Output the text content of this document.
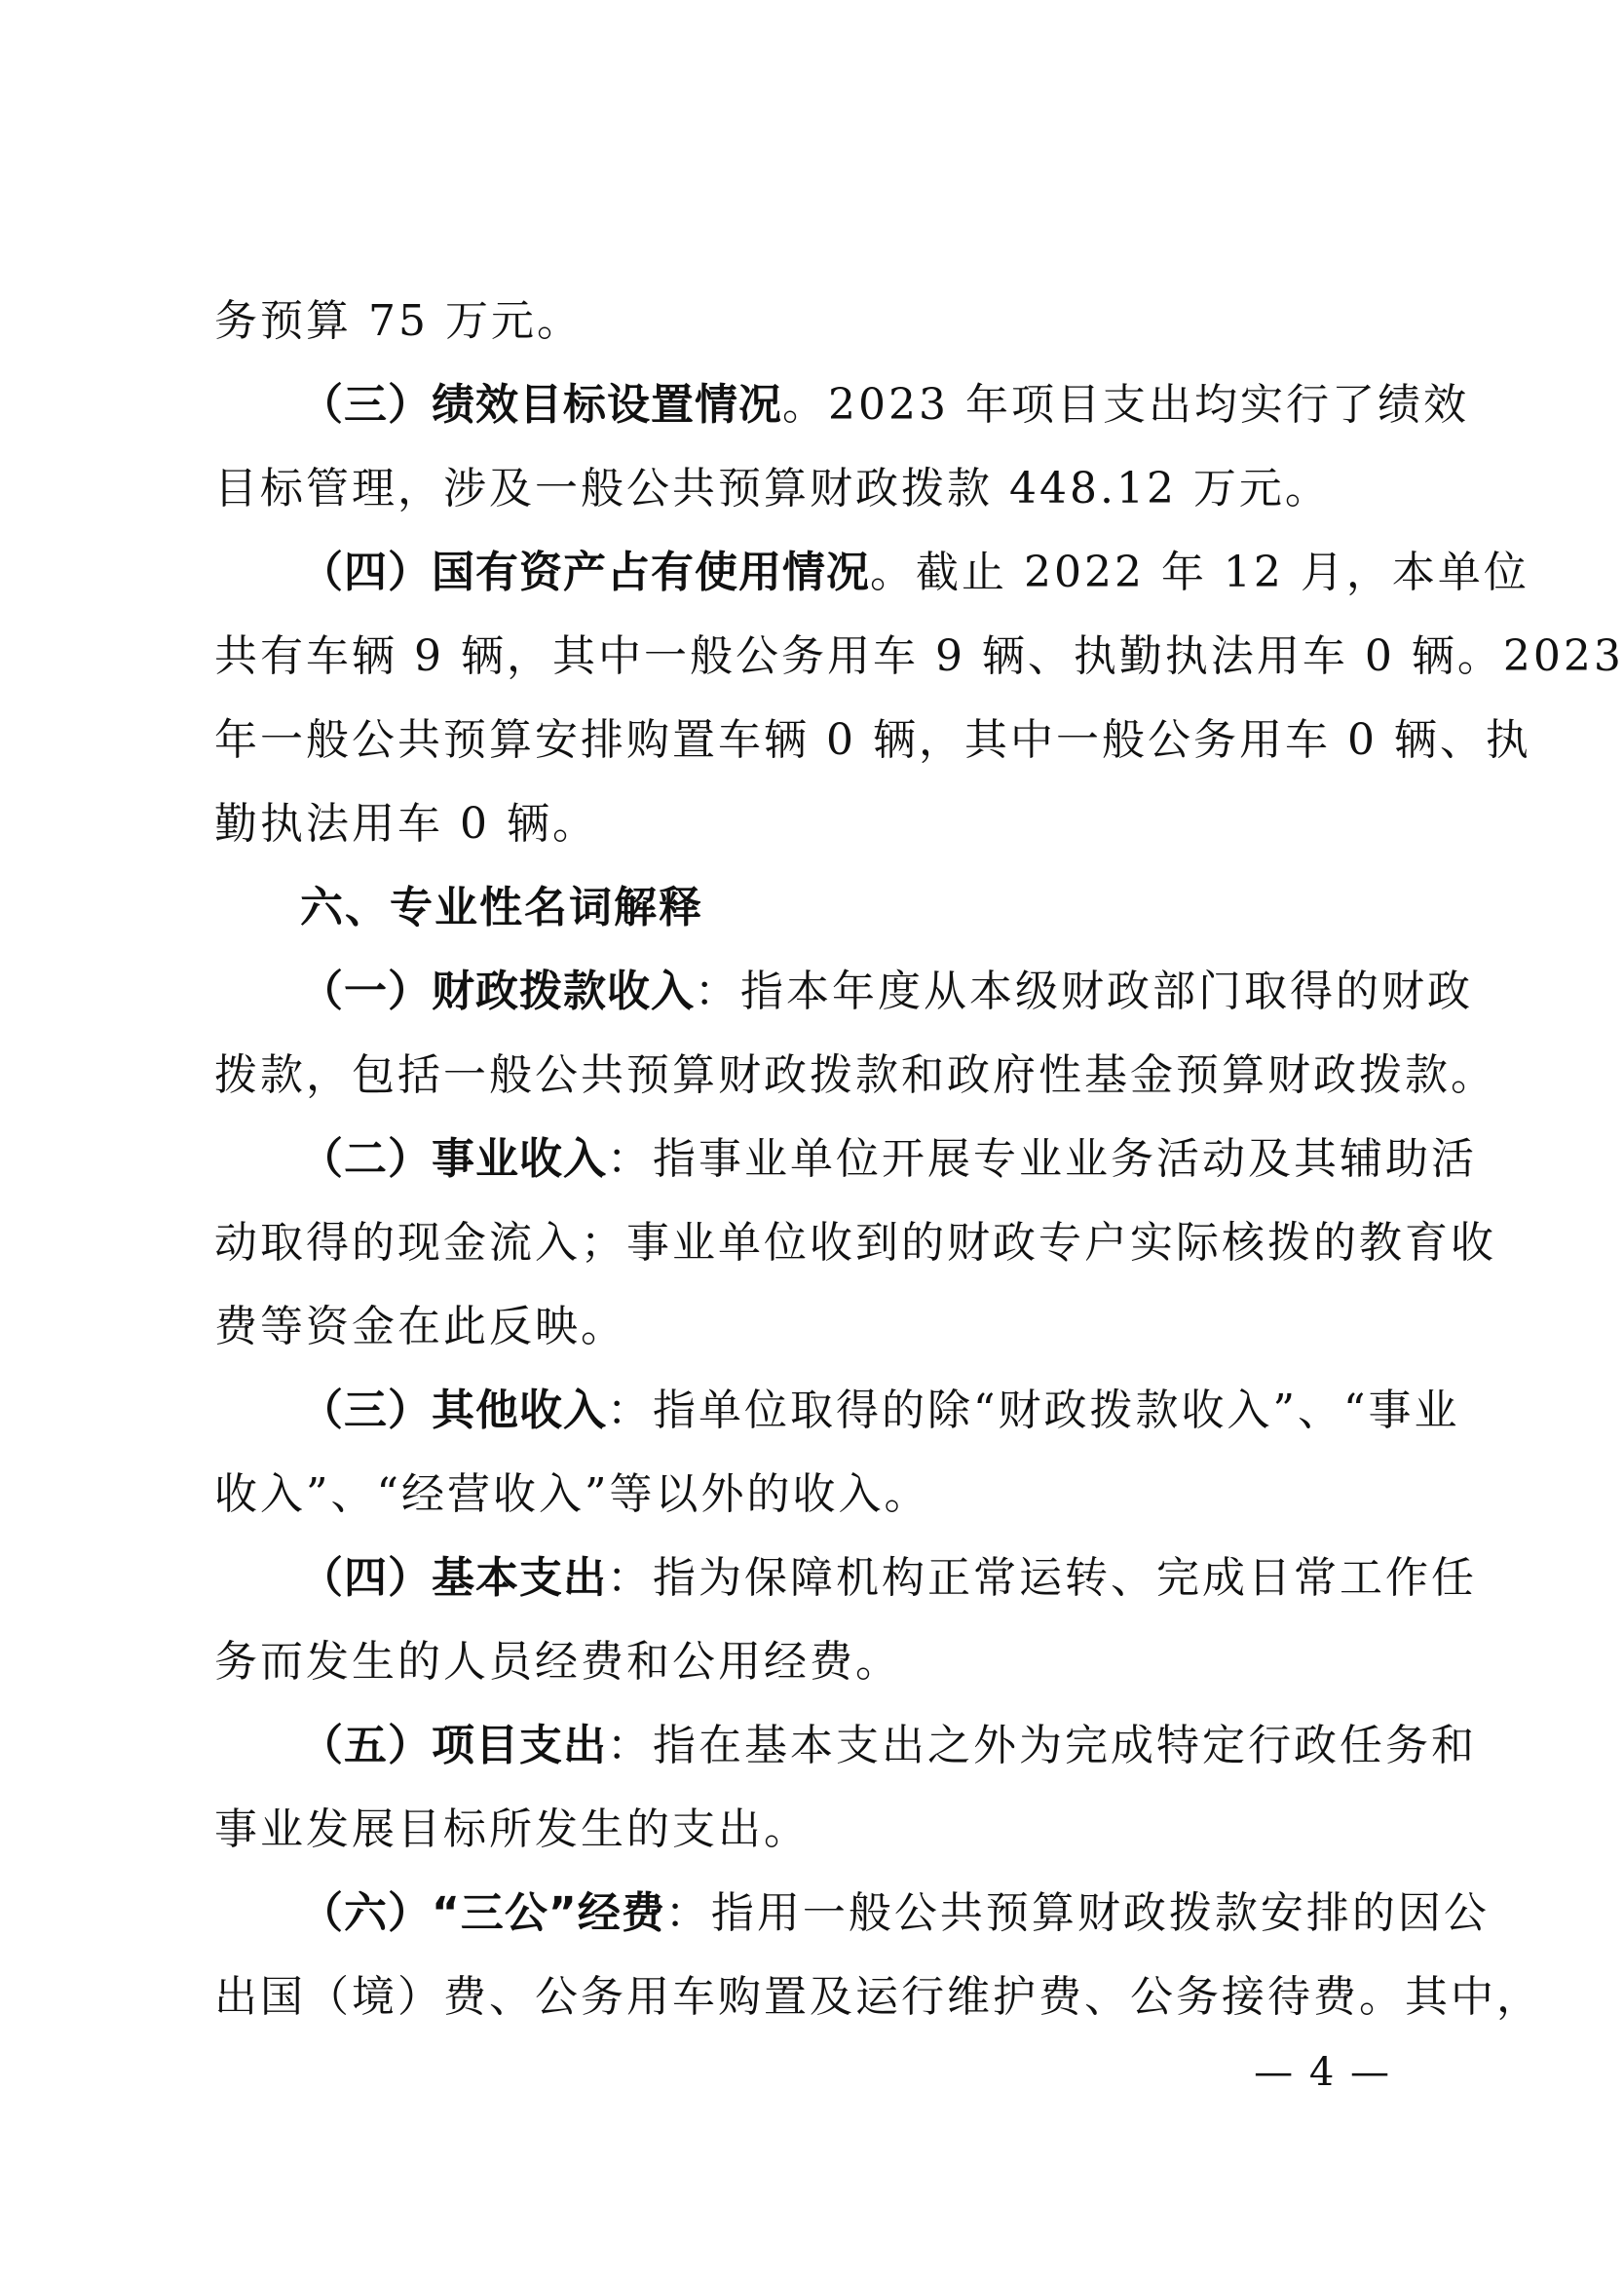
务预算 75 万元。
（三）绩效目标设置情况。2023 年项目支出均实行了绩效
目标管理，涉及一般公共预算财政拨款 448.12 万元。
（四）国有资产占有使用情况。截止 2022 年 12 月，本单位
共有车辆 9 辆，其中一般公务用车 9 辆、执勤执法用车 0 辆。2023
年一般公共预算安排购置车辆 0 辆，其中一般公务用车 0 辆、执
勤执法用车 0 辆。
六、专业性名词解释
（一）财政拨款收入：指本年度从本级财政部门取得的财政
拨款，包括一般公共预算财政拨款和政府性基金预算财政拨款。
（二）事业收入：指事业单位开展专业业务活动及其辅助活
动取得的现金流入；事业单位收到的财政专户实际核拨的教育收
费等资金在此反映。
（三）其他收入：指单位取得的除“财政拨款收入”、“事业
收入”、“经营收入”等以外的收入。
（四）基本支出：指为保障机构正常运转、完成日常工作任
务而发生的人员经费和公用经费。
（五）项目支出：指在基本支出之外为完成特定行政任务和
事业发展目标所发生的支出。
（六）“三公”经费：指用一般公共预算财政拨款安排的因公
出国（境）费、公务用车购置及运行维护费、公务接待费。其中，
— 4 —
